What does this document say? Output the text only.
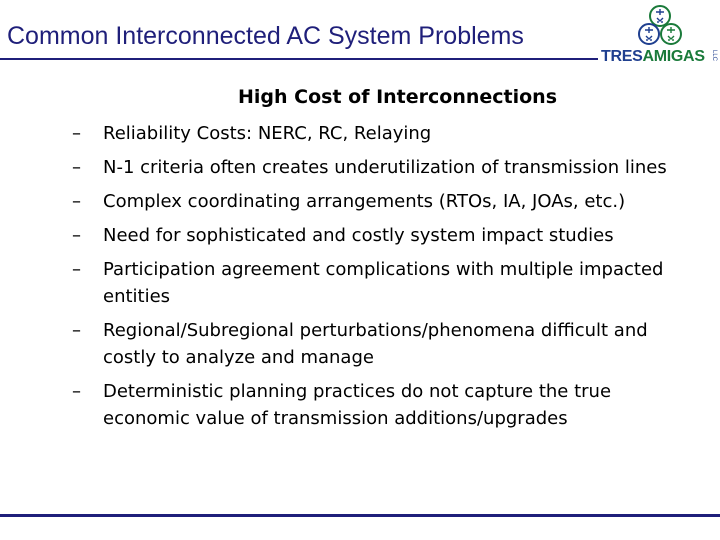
Common Interconnected AC System Problems
TRESAMIGAS LLC
High Cost of Interconnections
– Reliability Costs: NERC, RC, Relaying
– N-1 criteria often creates underutilization of transmission lines
– Complex coordinating arrangements (RTOs, IA, JOAs, etc.)
– Need for sophisticated and costly system impact studies
– Participation agreement complications with multiple impacted entities
– Regional/Subregional perturbations/phenomena difficult and costly to analyze and manage
– Deterministic planning practices do not capture the true economic value of transmission additions/upgrades
